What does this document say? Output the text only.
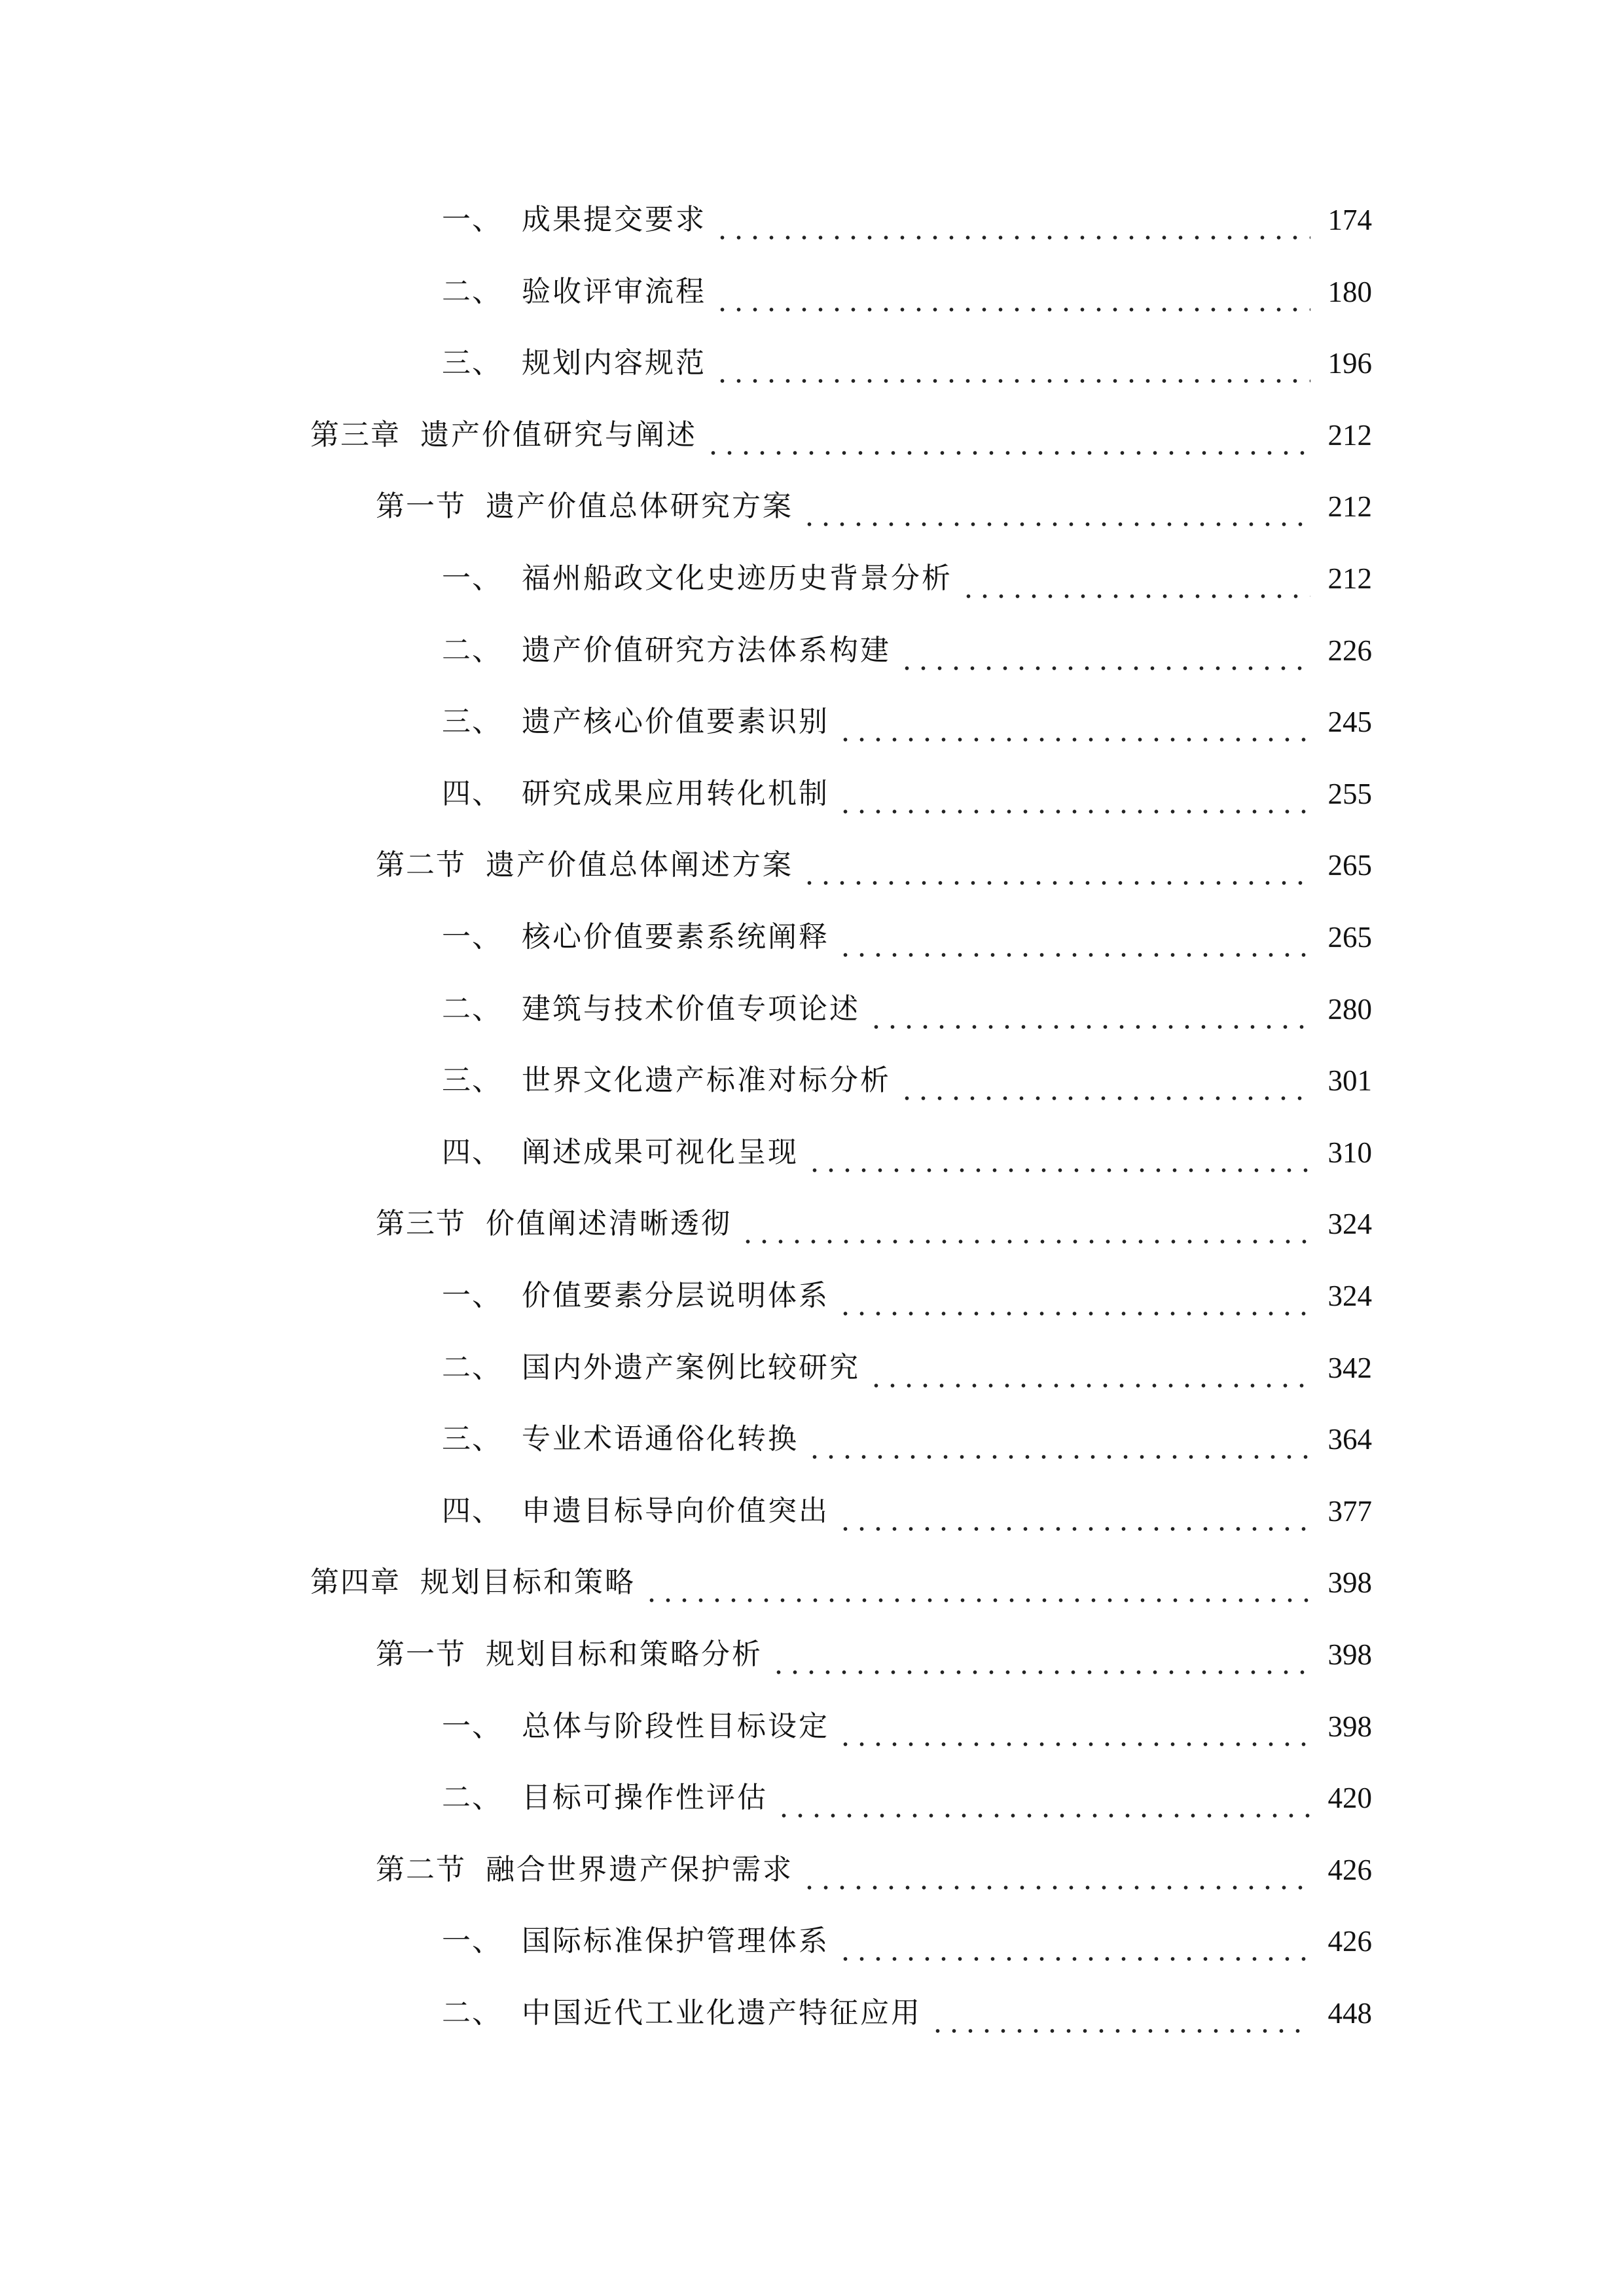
一、 成果提交要求	174
二、 验收评审流程	180
三、 规划内容规范	196
第三章 遗产价值研究与阐述	212
第一节 遗产价值总体研究方案	212
一、 福州船政文化史迹历史背景分析	212
二、 遗产价值研究方法体系构建	226
三、 遗产核心价值要素识别	245
四、 研究成果应用转化机制	255
第二节 遗产价值总体阐述方案	265
一、 核心价值要素系统阐释	265
二、 建筑与技术价值专项论述	280
三、 世界文化遗产标准对标分析	301
四、 阐述成果可视化呈现	310
第三节 价值阐述清晰透彻	324
一、 价值要素分层说明体系	324
二、 国内外遗产案例比较研究	342
三、 专业术语通俗化转换	364
四、 申遗目标导向价值突出	377
第四章 规划目标和策略	398
第一节 规划目标和策略分析	398
一、 总体与阶段性目标设定	398
二、 目标可操作性评估	420
第二节 融合世界遗产保护需求	426
一、 国际标准保护管理体系	426
二、 中国近代工业化遗产特征应用	448
